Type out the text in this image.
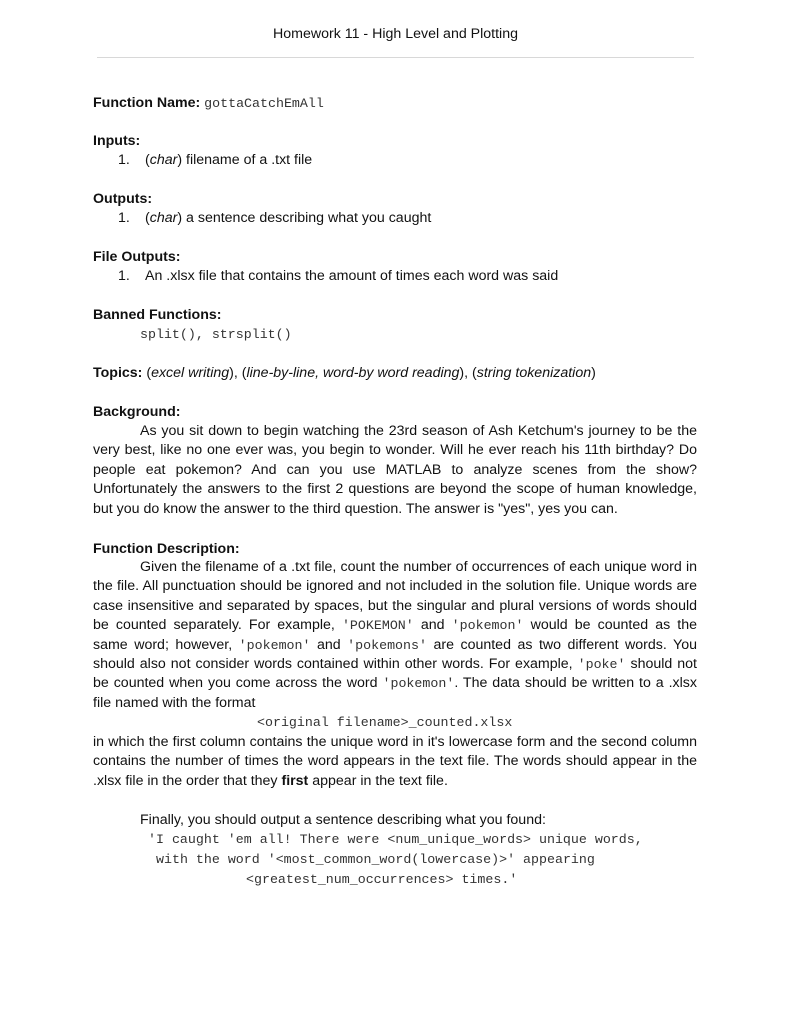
Homework 11 - High Level and Plotting
Function Name: gottaCatchEmAll
Inputs:
1. (char) filename of a .txt file
Outputs:
1. (char) a sentence describing what you caught
File Outputs:
1. An .xlsx file that contains the amount of times each word was said
Banned Functions:
split(), strsplit()
Topics: (excel writing), (line-by-line, word-by word reading), (string tokenization)
Background:
As you sit down to begin watching the 23rd season of Ash Ketchum's journey to be the
very best, like no one ever was, you begin to wonder. Will he ever reach his 11th birthday? Do
people eat pokemon? And can you use MATLAB to analyze scenes from the show?
Unfortunately the answers to the first 2 questions are beyond the scope of human knowledge,
but you do know the answer to the third question. The answer is "yes", yes you can.
Function Description:
Given the filename of a .txt file, count the number of occurrences of each unique word in
the file. All punctuation should be ignored and not included in the solution file. Unique words are
case insensitive and separated by spaces, but the singular and plural versions of words should
be counted separately. For example, 'POKEMON' and 'pokemon' would be counted as the
same word; however, 'pokemon' and 'pokemons' are counted as two different words. You
should also not consider words contained within other words. For example, 'poke' should not
be counted when you come across the word 'pokemon'. The data should be written to a .xlsx
file named with the format
<original filename>_counted.xlsx
in which the first column contains the unique word in it's lowercase form and the second column
contains the number of times the word appears in the text file. The words should appear in the
.xlsx file in the order that they first appear in the text file.
Finally, you should output a sentence describing what you found:
'I caught 'em all! There were <num_unique_words> unique words,
with the word '<most_common_word(lowercase)>' appearing
<greatest_num_occurrences> times.'
